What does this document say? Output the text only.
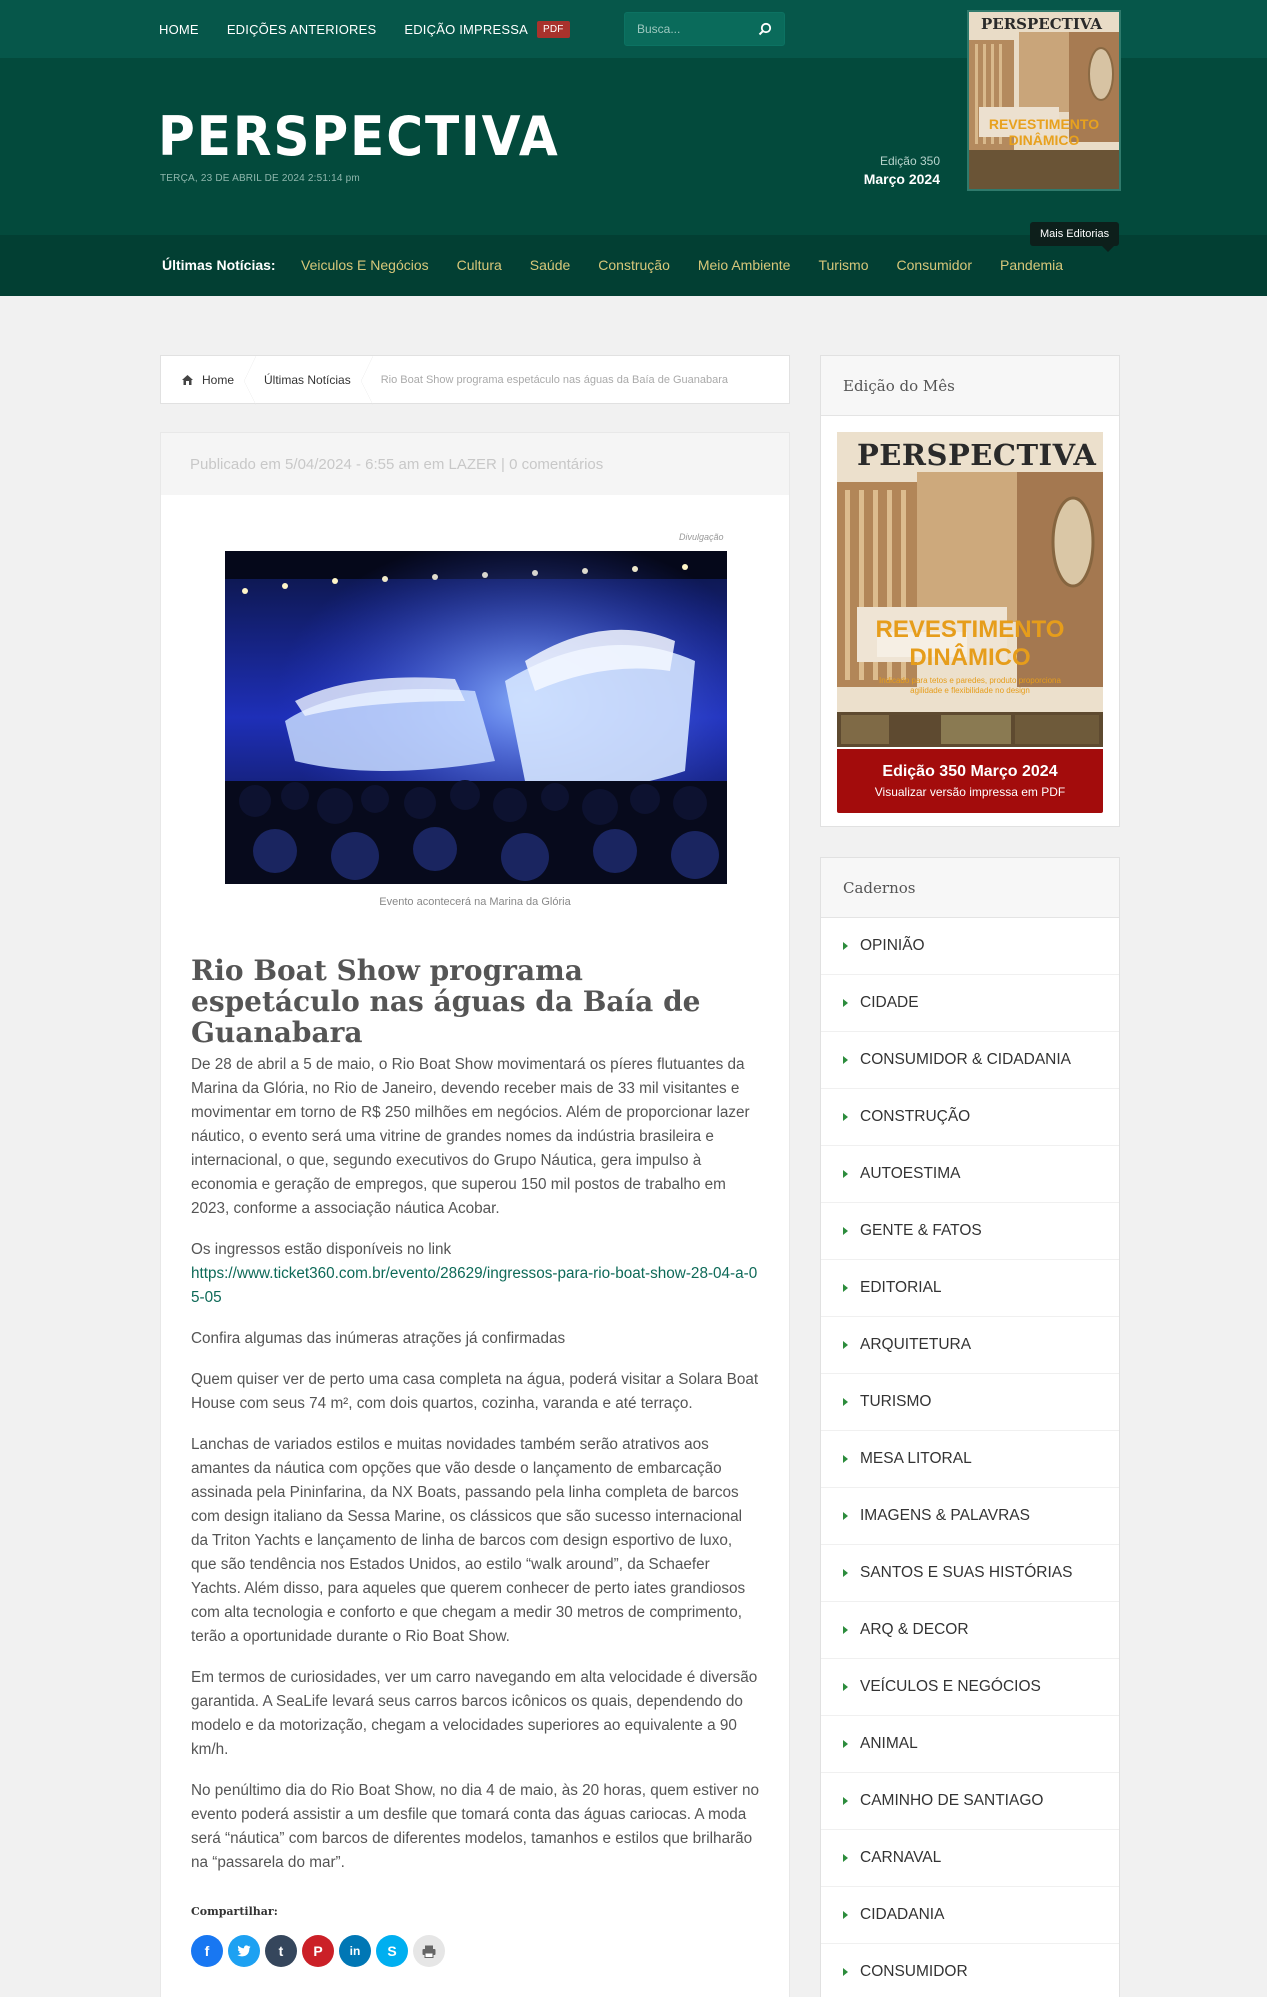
HOME EDIÇÕES ANTERIORES EDIÇÃO IMPRESSA	PDF
Busca...
PERSPECTIVA
TERÇA, 23 DE ABRIL DE 2024 2:51:14 pm
Edição 350
Março 2024
PERSPECTIVA
REVESTIMENTO
DINÂMICO
Últimas Notícias: Veiculos E Negócios Cultura Saúde Construção Meio Ambiente Turismo Consumidor Pandemia
Mais Editorias
Home	Últimas Notícias	Rio Boat Show programa espetáculo nas águas da Baía de Guanabara
Publicado em 5/04/2024 - 6:55 am em LAZER | 0 comentários
Divulgação
Evento acontecerá na Marina da Glória
Rio Boat Show programa espetáculo nas águas da Baía de Guanabara

De 28 de abril a 5 de maio, o Rio Boat Show movimentará os píeres flutuantes da Marina da Glória, no Rio de Janeiro, devendo receber mais de 33 mil visitantes e movimentar em torno de R$ 250 milhões em negócios. Além de proporcionar lazer náutico, o evento será uma vitrine de grandes nomes da indústria brasileira e internacional, o que, segundo executivos do Grupo Náutica, gera impulso à economia e geração de empregos, que superou 150 mil postos de trabalho em 2023, conforme a associação náutica Acobar.

Os ingressos estão disponíveis no link
https://www.ticket360.com.br/evento/28629/ingressos-para-rio-boat-show-28-04-a-05-05

Confira algumas das inúmeras atrações já confirmadas

Quem quiser ver de perto uma casa completa na água, poderá visitar a Solara Boat House com seus 74 m², com dois quartos, cozinha, varanda e até terraço.

Lanchas de variados estilos e muitas novidades também serão atrativos aos amantes da náutica com opções que vão desde o lançamento de embarcação assinada pela Pininfarina, da NX Boats, passando pela linha completa de barcos com design italiano da Sessa Marine, os clássicos que são sucesso internacional da Triton Yachts e lançamento de linha de barcos com design esportivo de luxo, que são tendência nos Estados Unidos, ao estilo “walk around”, da Schaefer Yachts. Além disso, para aqueles que querem conhecer de perto iates grandiosos com alta tecnologia e conforto e que chegam a medir 30 metros de comprimento, terão a oportunidade durante o Rio Boat Show.

Em termos de curiosidades, ver um carro navegando em alta velocidade é diversão garantida. A SeaLife levará seus carros barcos icônicos os quais, dependendo do modelo e da motorização, chegam a velocidades superiores ao equivalente a 90 km/h.

No penúltimo dia do Rio Boat Show, no dia 4 de maio, às 20 horas, quem estiver no evento poderá assistir a um desfile que tomará conta das águas cariocas. A moda será “náutica” com barcos de diferentes modelos, tamanhos e estilos que brilharão na “passarela do mar”.

Compartilhar:
f	t	P	in	S
Edição do Mês
PERSPECTIVA
REVESTIMENTO
DINÂMICO
Indicado para tetos e paredes, produto proporciona agilidade e flexibilidade no design
Edição 350 Março 2024
Visualizar versão impressa em PDF
Cadernos
OPINIÃO
CIDADE
CONSUMIDOR & CIDADANIA
CONSTRUÇÃO
AUTOESTIMA
GENTE & FATOS
EDITORIAL
ARQUITETURA
TURISMO
MESA LITORAL
IMAGENS & PALAVRAS
SANTOS E SUAS HISTÓRIAS
ARQ & DECOR
VEÍCULOS E NEGÓCIOS
ANIMAL
CAMINHO DE SANTIAGO
CARNAVAL
CIDADANIA
CONSUMIDOR
